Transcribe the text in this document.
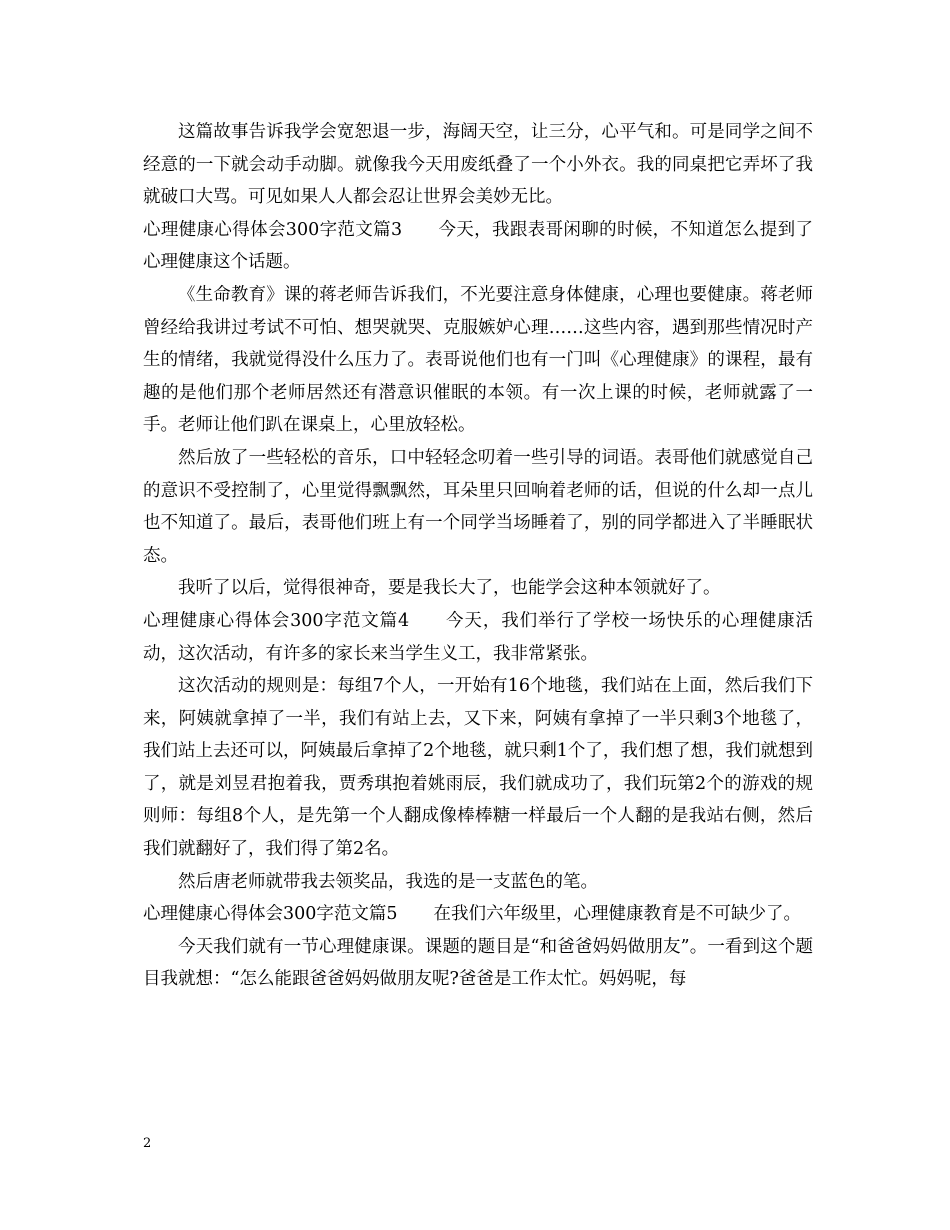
这篇故事告诉我学会宽恕退一步，海阔天空，让三分，心平气和。可是同学之间不经意的一下就会动手动脚。就像我今天用废纸叠了一个小外衣。我的同桌把它弄坏了我就破口大骂。可见如果人人都会忍让世界会美妙无比。

心理健康心得体会300字范文篇3 今天，我跟表哥闲聊的时候，不知道怎么提到了心理健康这个话题。

《生命教育》课的蒋老师告诉我们，不光要注意身体健康，心理也要健康。蒋老师曾经给我讲过考试不可怕、想哭就哭、克服嫉妒心理……这些内容，遇到那些情况时产生的情绪，我就觉得没什么压力了。表哥说他们也有一门叫《心理健康》的课程，最有趣的是他们那个老师居然还有潜意识催眠的本领。有一次上课的时候，老师就露了一手。老师让他们趴在课桌上，心里放轻松。

然后放了一些轻松的音乐，口中轻轻念叨着一些引导的词语。表哥他们就感觉自己的意识不受控制了，心里觉得飘飘然，耳朵里只回响着老师的话，但说的什么却一点儿也不知道了。最后，表哥他们班上有一个同学当场睡着了，别的同学都进入了半睡眠状态。

我听了以后，觉得很神奇，要是我长大了，也能学会这种本领就好了。

心理健康心得体会300字范文篇4 今天，我们举行了学校一场快乐的心理健康活动，这次活动，有许多的家长来当学生义工，我非常紧张。

这次活动的规则是：每组7个人，一开始有16个地毯，我们站在上面，然后我们下来，阿姨就拿掉了一半，我们有站上去，又下来，阿姨有拿掉了一半只剩3个地毯了，我们站上去还可以，阿姨最后拿掉了2个地毯，就只剩1个了，我们想了想，我们就想到了，就是刘昱君抱着我，贾秀琪抱着姚雨辰，我们就成功了，我们玩第2个的游戏的规则师：每组8个人，是先第一个人翻成像棒棒糖一样最后一个人翻的是我站右侧，然后我们就翻好了，我们得了第2名。

然后唐老师就带我去领奖品，我选的是一支蓝色的笔。

心理健康心得体会300字范文篇5 在我们六年级里，心理健康教育是不可缺少了。

今天我们就有一节心理健康课。课题的题目是“和爸爸妈妈做朋友”。一看到这个题目我就想：“怎么能跟爸爸妈妈做朋友呢?爸爸是工作太忙。妈妈呢，每

2
